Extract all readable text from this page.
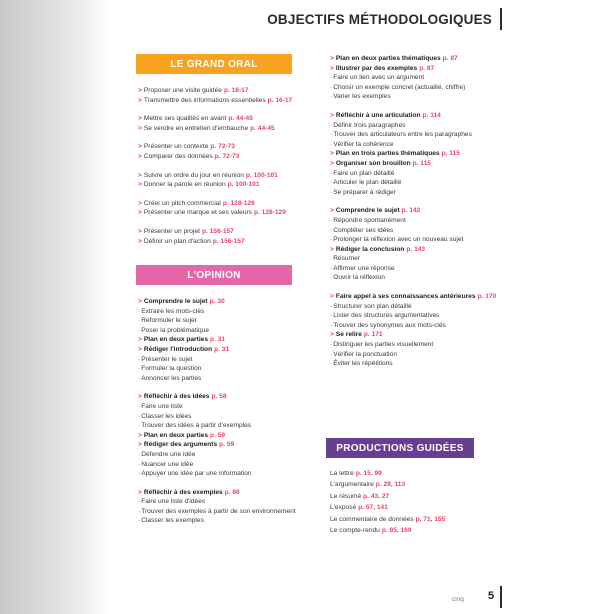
OBJECTIFS MÉTHODOLOGIQUES
LE GRAND ORAL
> Proposer une visite guidée p. 16-17
> Transmettre des informations essentielles p. 16-17
> Mettre ses qualités en avant p. 44-45
> Se vendre en entretien d'embauche p. 44-45
> Présenter un contexte p. 72-73
> Comparer des données p. 72-73
> Suivre un ordre du jour en réunion p. 100-101
> Donner la parole en réunion p. 100-101
> Créer un pitch commercial p. 128-129
> Présenter une marque et ses valeurs p. 128-129
> Présenter un projet p. 156-157
> Définir un plan d'action p. 156-157
L'OPINION
> Comprendre le sujet p. 30
·Extraire les mots-clés
·Reformuler le sujet
·Poser la problématique
> Plan en deux parties p. 31
> Rédiger l'introduction p. 31
·Présenter le sujet
·Formuler la question
·Annoncer les parties
> Réfléchir à des idées p. 58
·Faire une liste
·Classer les idées
·Trouver des idées à partir d'exemples
> Plan en deux parties p. 59
> Rédiger des arguments p. 59
·Défendre une idée
·Nuancer une idée
·Appuyer une idée par une information
> Réfléchir à des exemples p. 86
·Faire une liste d'idées
·Trouver des exemples à partir de son environnement
·Classer les exemples
> Plan en deux parties thématiques p. 87
> Illustrer par des exemples p. 87
·Faire un lien avec un argument
·Choisir un exemple concret (actualité, chiffre)
·Varier les exemples
> Réfléchir à une articulation p. 114
·Définir trois paragraphes
·Trouver des articulateurs entre les paragraphes
·Vérifier la cohérence
> Plan en trois parties thématiques p. 115
> Organiser son brouillon p. 115
·Faire un plan détaillé
·Articuler le plan détaillé
·Se préparer à rédiger
> Comprendre le sujet p. 142
·Répondre spontanément
·Compléter ses idées
·Prolonger la réflexion avec un nouveau sujet
> Rédiger la conclusion p. 143
·Résumer
·Affirmer une réponse
·Ouvrir la réflexion
> Faire appel à ses connaissances antérieures p. 170
·Structurer son plan détaillé
·Lister des structures argumentatives
·Trouver des synonymes aux mots-clés
> Se relire p. 171
·Distinguer les parties visuellement
·Vérifier la ponctuation
·Éviter les répétitions
PRODUCTIONS GUIDÉES
La lettre p. 15, 99
L'argumentaire p. 29, 113
Le résumé p. 43, 27
L'exposé p. 57, 141
Le commentaire de données p. 71, 155
Le compte-rendu p. 85, 169
cinq 5
